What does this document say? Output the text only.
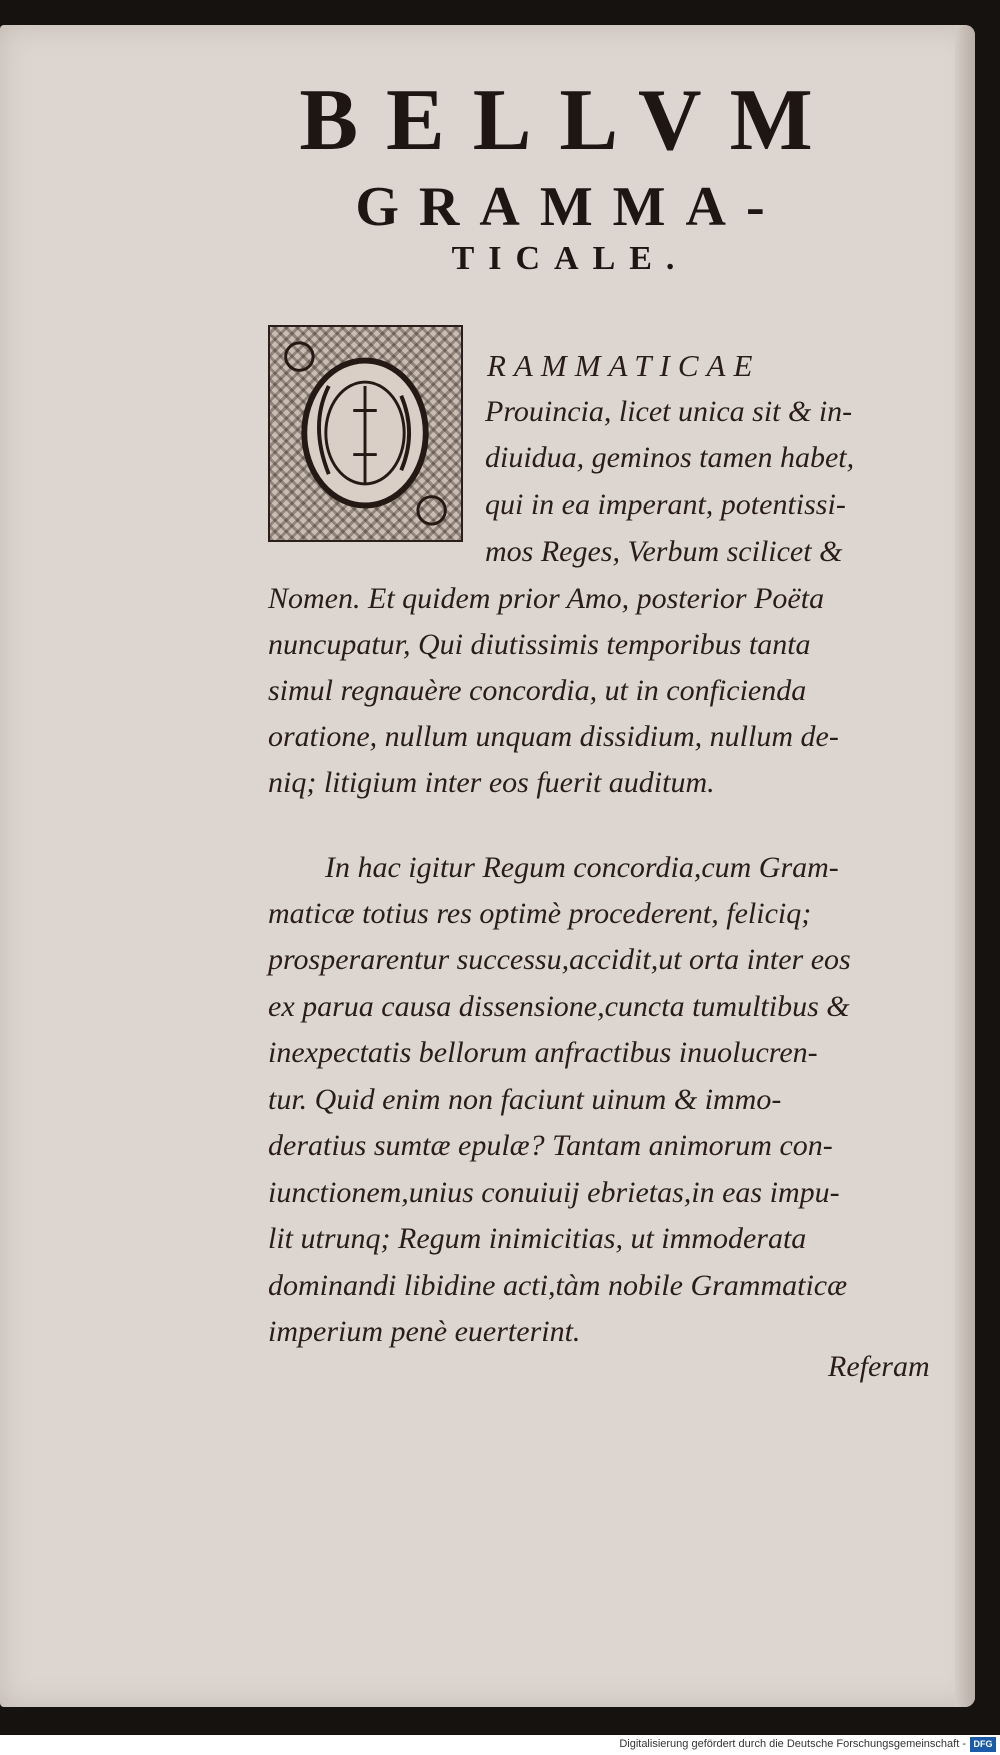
BELLVM
GRAMMA-
TICALE.

RAMMATICAE

Prouincia, licet unica sit & in-

diuidua, geminos tamen habet,

qui in ea imperant, potentissi-

mos Reges, Verbum scilicet &

Nomen. Et quidem prior Amo, posterior Poëta

nuncupatur, Qui diutissimis temporibus tanta

simul regnauère concordia, ut in conficienda

oratione, nullum unquam dissidium, nullum de-

niq; litigium inter eos fuerit auditum.

In hac igitur Regum concordia,cum Gram-

maticæ totius res optimè procederent, feliciq;

prosperarentur successu,accidit,ut orta inter eos

ex parua causa dissensione,cuncta tumultibus &

inexpectatis bellorum anfractibus inuolucren-

tur. Quid enim non faciunt uinum & immo-

deratius sumtæ epulæ? Tantam animorum con-

iunctionem,unius conuiuij ebrietas,in eas impu-

lit utrunq; Regum inimicitias, ut immoderata

dominandi libidine acti,tàm nobile Grammaticæ

imperium penè euerterint.

Referam
Digitalisierung gefördert durch die Deutsche Forschungsgemeinschaft - DFG
